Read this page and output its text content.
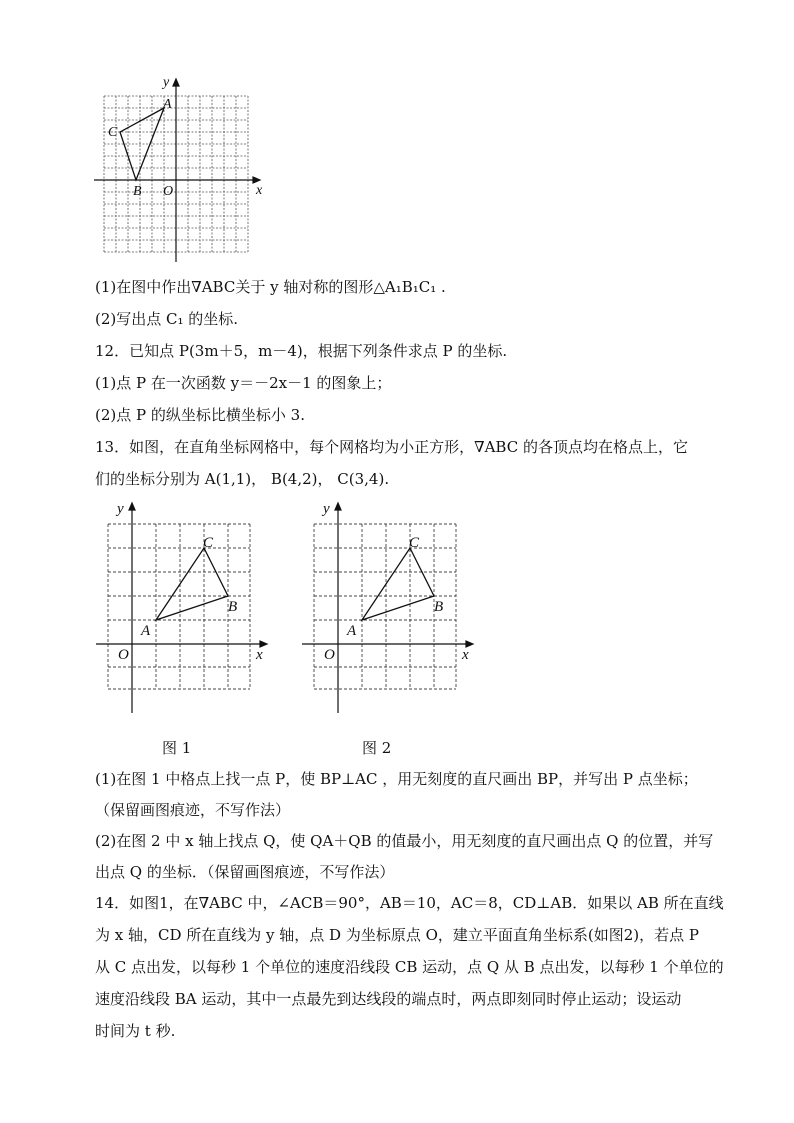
y
x
A
C
B O
(1)在图中作出∇ABC关于 y 轴对称的图形△A₁B₁C₁ .
(2)写出点 C₁ 的坐标.
12．已知点 P(3m＋5，m－4)，根据下列条件求点 P 的坐标.
(1)点 P 在一次函数 y＝－2x－1 的图象上；
(2)点 P 的纵坐标比横坐标小 3.
13．如图，在直角坐标网格中，每个网格均为小正方形，∇ABC 的各顶点均在格点上，它
们的坐标分别为 A(1,1)， B(4,2)， C(3,4).
y
x
C
B
A
O
y
x
C
B
A
O
图 1	图 2
(1)在图 1 中格点上找一点 P，使 BP⊥AC ，用无刻度的直尺画出 BP，并写出 P 点坐标；
（保留画图痕迹，不写作法）
(2)在图 2 中 x 轴上找点 Q，使 QA＋QB 的值最小，用无刻度的直尺画出点 Q 的位置，并写
出点 Q 的坐标．（保留画图痕迹，不写作法）
14．如图1，在∇ABC 中，∠ACB＝90°，AB＝10，AC＝8，CD⊥AB．如果以 AB 所在直线
为 x 轴，CD 所在直线为 y 轴，点 D 为坐标原点 O，建立平面直角坐标系(如图2)，若点 P
从 C 点出发，以每秒 1 个单位的速度沿线段 CB 运动，点 Q 从 B 点出发，以每秒 1 个单位的
速度沿线段 BA 运动，其中一点最先到达线段的端点时，两点即刻同时停止运动；设运动
时间为 t 秒.
